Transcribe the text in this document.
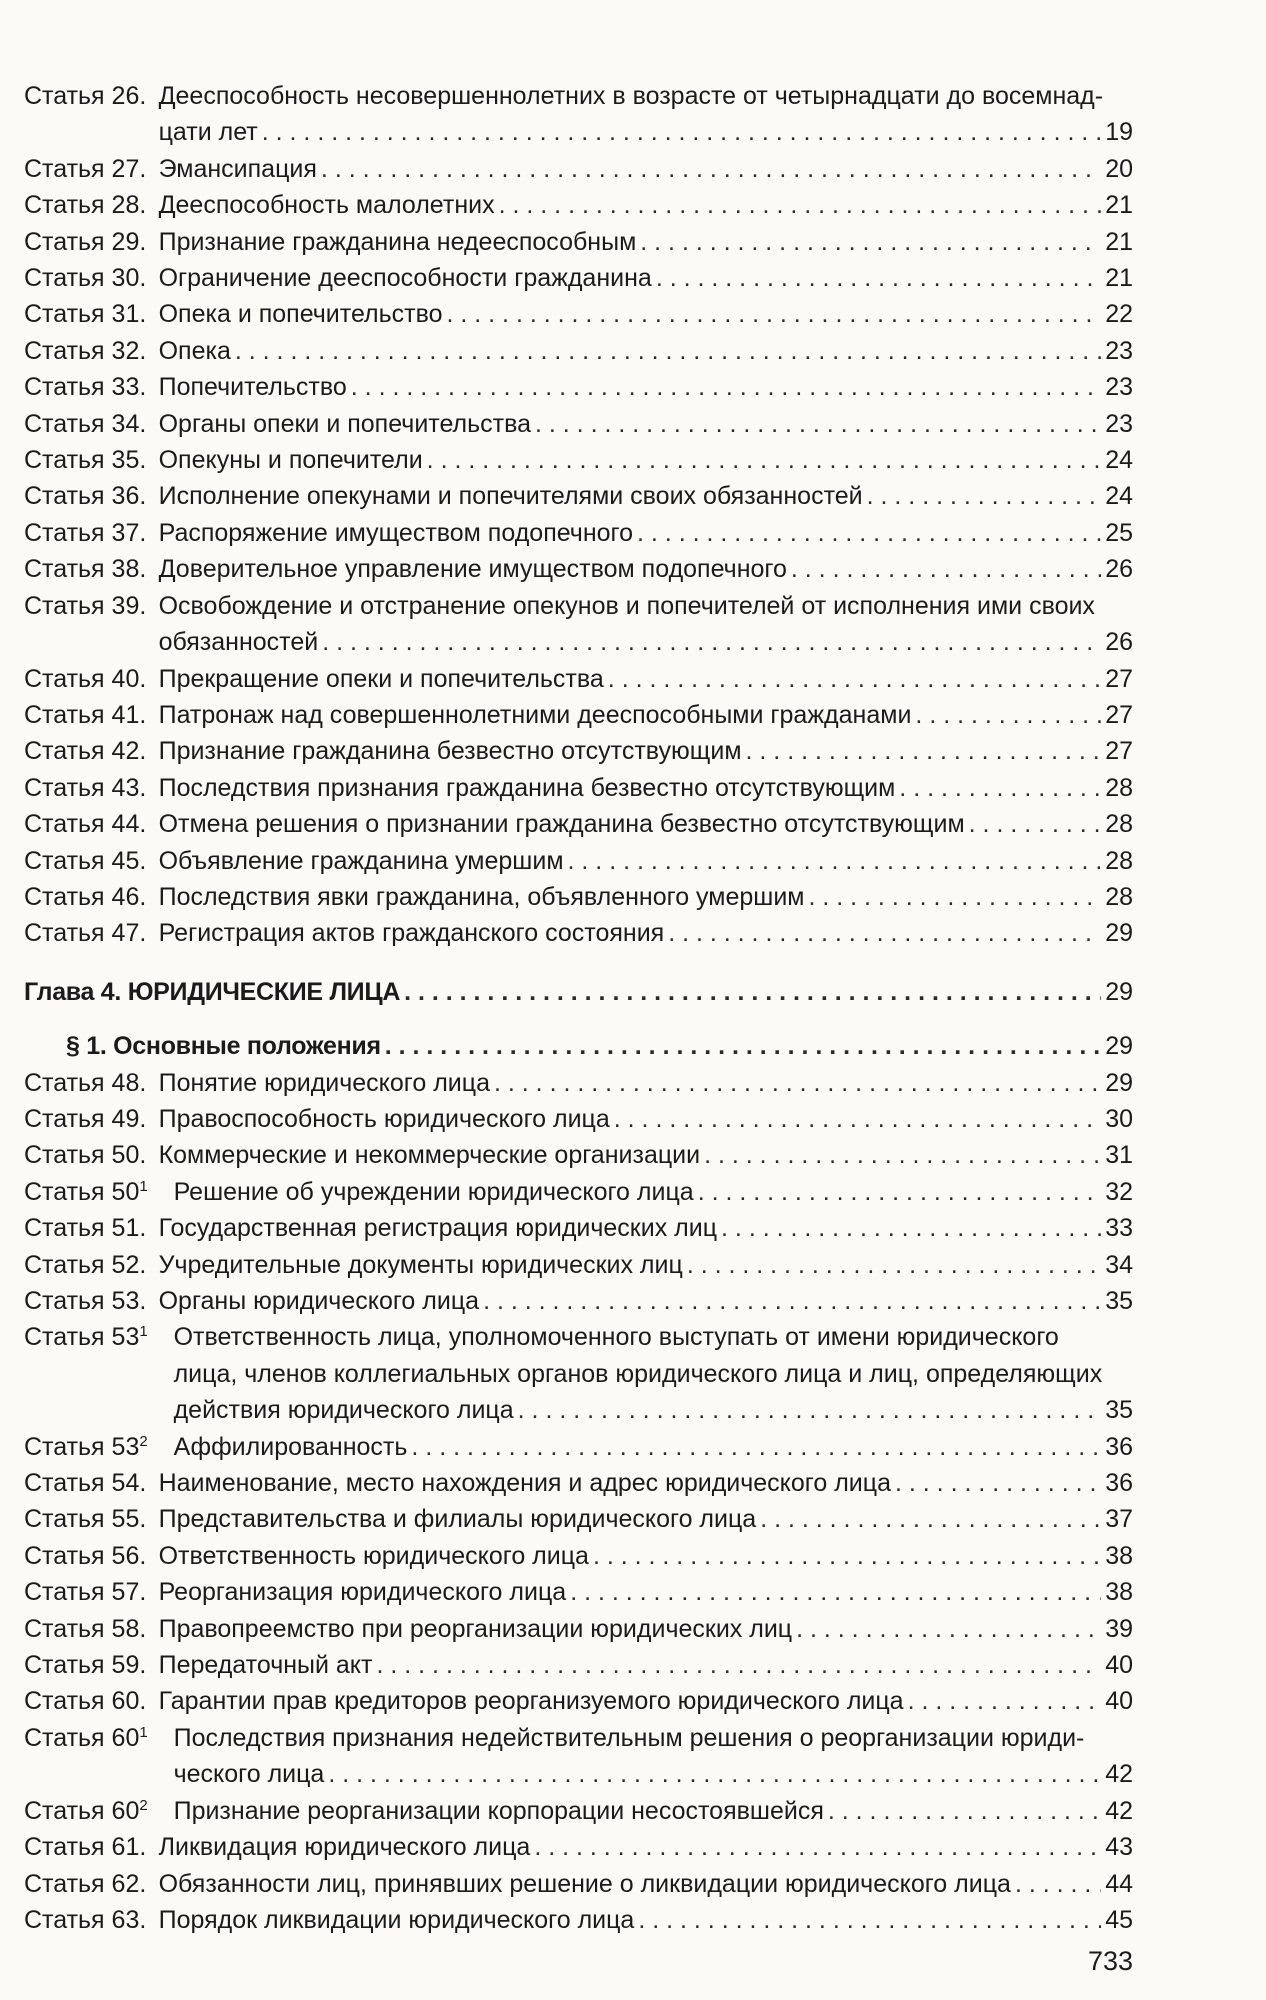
Статья 26. Дееспособность несовершеннолетних в возрасте от четырнадцати до восемнад-
цати лет . . .	19
Статья 27. Эмансипация . . .	20
Статья 28. Дееспособность малолетних . . .	21
Статья 29. Признание гражданина недееспособным . . .	21
Статья 30. Ограничение дееспособности гражданина . . .	21
Статья 31. Опека и попечительство . . .	22
Статья 32. Опека . . .	23
Статья 33. Попечительство . . .	23
Статья 34. Органы опеки и попечительства . . .	23
Статья 35. Опекуны и попечители . . .	24
Статья 36. Исполнение опекунами и попечителями своих обязанностей . . .	24
Статья 37. Распоряжение имуществом подопечного . . .	25
Статья 38. Доверительное управление имуществом подопечного . . .	26
Статья 39. Освобождение и отстранение опекунов и попечителей от исполнения ими своих
обязанностей . . .	26
Статья 40. Прекращение опеки и попечительства . . .	27
Статья 41. Патронаж над совершеннолетними дееспособными гражданами . . .	27
Статья 42. Признание гражданина безвестно отсутствующим . . .	27
Статья 43. Последствия признания гражданина безвестно отсутствующим . . .	28
Статья 44. Отмена решения о признании гражданина безвестно отсутствующим . . .	28
Статья 45. Объявление гражданина умершим . . .	28
Статья 46. Последствия явки гражданина, объявленного умершим . . .	28
Статья 47. Регистрация актов гражданского состояния . . .	29
Глава 4. ЮРИДИЧЕСКИЕ ЛИЦА . . .	29
§ 1. Основные положения . . .	29
Статья 48. Понятие юридического лица . . .	29
Статья 49. Правоспособность юридического лица . . .	30
Статья 50. Коммерческие и некоммерческие организации . . .	31
Статья $50^1$	Решение об учреждении юридического лица . . .	32
Статья 51. Государственная регистрация юридических лиц . . .	33
Статья 52. Учредительные документы юридических лиц . . .	34
Статья 53. Органы юридического лица . . .	35
Статья $53^1$	Ответственность лица, уполномоченного выступать от имени юридического
лица, членов коллегиальных органов юридического лица и лиц, определяющих
действия юридического лица . . .	35
Статья $53^2$	Аффилированность . . .	36
Статья 54. Наименование, место нахождения и адрес юридического лица . . .	36
Статья 55. Представительства и филиалы юридического лица . . .	37
Статья 56. Ответственность юридического лица . . .	38
Статья 57. Реорганизация юридического лица . . .	38
Статья 58. Правопреемство при реорганизации юридических лиц . . .	39
Статья 59. Передаточный акт . . .	40
Статья 60. Гарантии прав кредиторов реорганизуемого юридического лица . . .	40
Статья $60^1$	Последствия признания недействительным решения о реорганизации юриди-
ческого лица . . .	42
Статья $60^2$	Признание реорганизации корпорации несостоявшейся . . .	42
Статья 61. Ликвидация юридического лица . . .	43
Статья 62. Обязанности лиц, принявших решение о ликвидации юридического лица . . .	44
Статья 63. Порядок ликвидации юридического лица . . .	45
733
